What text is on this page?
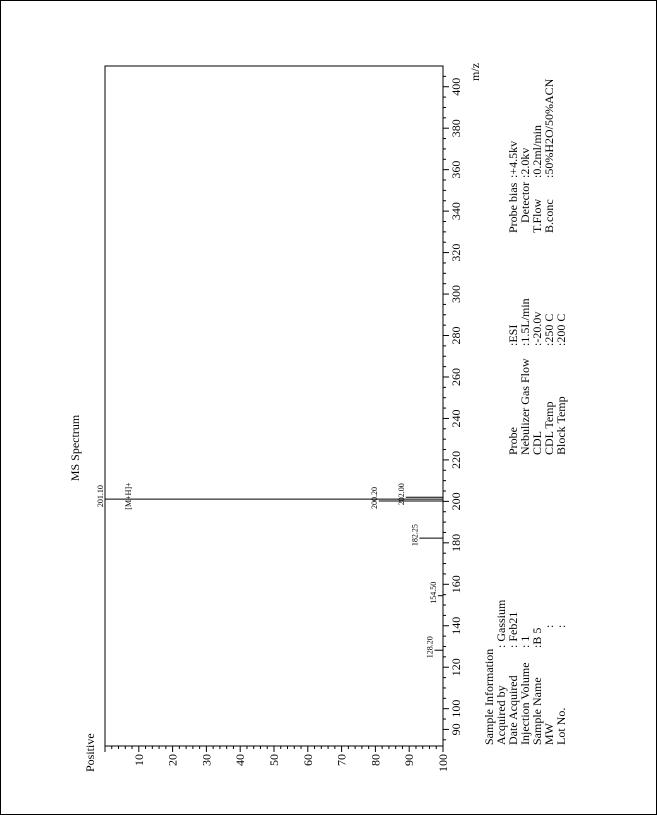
MS Spectrum
Positive
m/z
90
100
120
140
160
180
200
220
240
260
280
300
320
340
360
380
400
10 20 30 40 50 60 70 80 90 100
128.20
154.50
182.25
200.20
201.10	202.00
[M+H]+
Sample Information
Acquired by
: Gassium
Date Acquired
: Feb21
Injection Volume
: 1
Sample Name
:B 5
MW
:
Lot No.
:
Probe
:ESI
Nebulizer Gas Flow
:1.5L/min
CDL
:-20.0v
CDL Temp
:250 C
Block Temp
:200 C
Probe bias
:+4.5kv
Detector
:2.0kv
T.Flow
:0.2ml/min
B.conc
:50%H2O/50%ACN
